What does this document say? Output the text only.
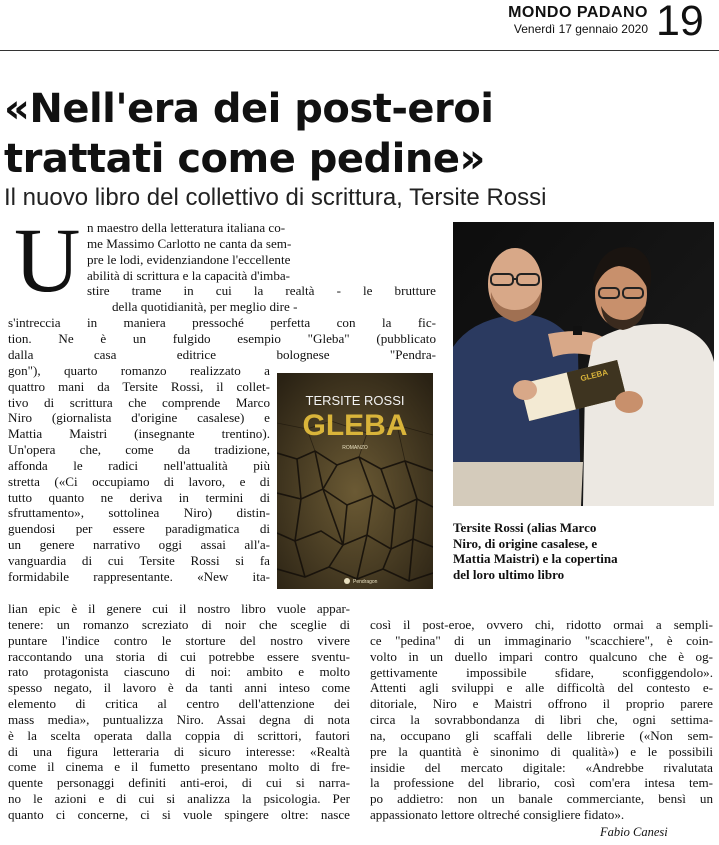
MONDO PADANO
Venerdì 17 gennaio 2020 19
«Nell'era dei post-eroi
trattati come pedine»
Il nuovo libro del collettivo di scrittura, Tersite Rossi
U n maestro della letteratura italiana co-

me Massimo Carlotto ne canta da sem-

pre le lodi, evidenziandone l'eccellente

abilità di scrittura e la capacità d'imba-

stire trame in cui la realtà - le brutture

della quotidianità, per meglio dire -

s'intreccia in maniera pressoché perfetta con la fic-

tion. Ne è un fulgido esempio "Gleba" (pubblicato

dalla casa editrice bolognese "Pendra-

gon"), quarto romanzo realizzato a

quattro mani da Tersite Rossi, il collet-

tivo di scrittura che comprende Marco

Niro (giornalista d'origine casalese) e

Mattia Maistri (insegnante trentino).

Un'opera che, come da tradizione,

affonda le radici nell'attualità più

stretta («Ci occupiamo di lavoro, e di

tutto quanto ne deriva in termini di

sfruttamento», sottolinea Niro) distin-

guendosi per essere paradigmatica di

un genere narrativo oggi assai all'a-

vanguardia di cui Tersite Rossi si fa

formidabile rappresentante. «New ita-

lian epic è il genere cui il nostro libro vuole appar-

tenere: un romanzo screziato di noir che sceglie di

puntare l'indice contro le storture del nostro vivere

raccontando una storia di cui potrebbe essere sventu-

rato protagonista ciascuno di noi: ambito e molto

spesso negato, il lavoro è da tanti anni inteso come

elemento di critica al centro dell'attenzione dei

mass media», puntualizza Niro. Assai degna di nota

è la scelta operata dalla coppia di scrittori, fautori

di una figura letteraria di sicuro interesse: «Realtà

come il cinema e il fumetto presentano molto di fre-

quente personaggi definiti anti-eroi, di cui si narra-

no le azioni e di cui si analizza la psicologia. Per

quanto ci concerne, ci si vuole spingere oltre: nasce

così il post-eroe, ovvero chi, ridotto ormai a sempli-

ce "pedina" di un immaginario "scacchiere", è coin-

volto in un duello impari contro qualcuno che è og-

gettivamente impossibile sfidare, sconfiggendolo».

Attenti agli sviluppi e alle difficoltà del contesto e-

ditoriale, Niro e Maistri offrono il proprio parere

circa la sovrabbondanza di libri che, ogni settima-

na, occupano gli scaffali delle librerie («Non sem-

pre la quantità è sinonimo di qualità») e le possibili

insidie del mercato digitale: «Andrebbe rivalutata

la professione del librario, così com'era intesa tem-

po addietro: non un banale commerciante, bensì un

appassionato lettore oltreché consigliere fidato».

TERSITE ROSSI
GLEBA
ROMANZO
Pendragon
GLEBA
Tersite Rossi (alias Marco
Niro, di origine casalese, e
Mattia Maistri) e la copertina
del loro ultimo libro
Fabio Canesi
